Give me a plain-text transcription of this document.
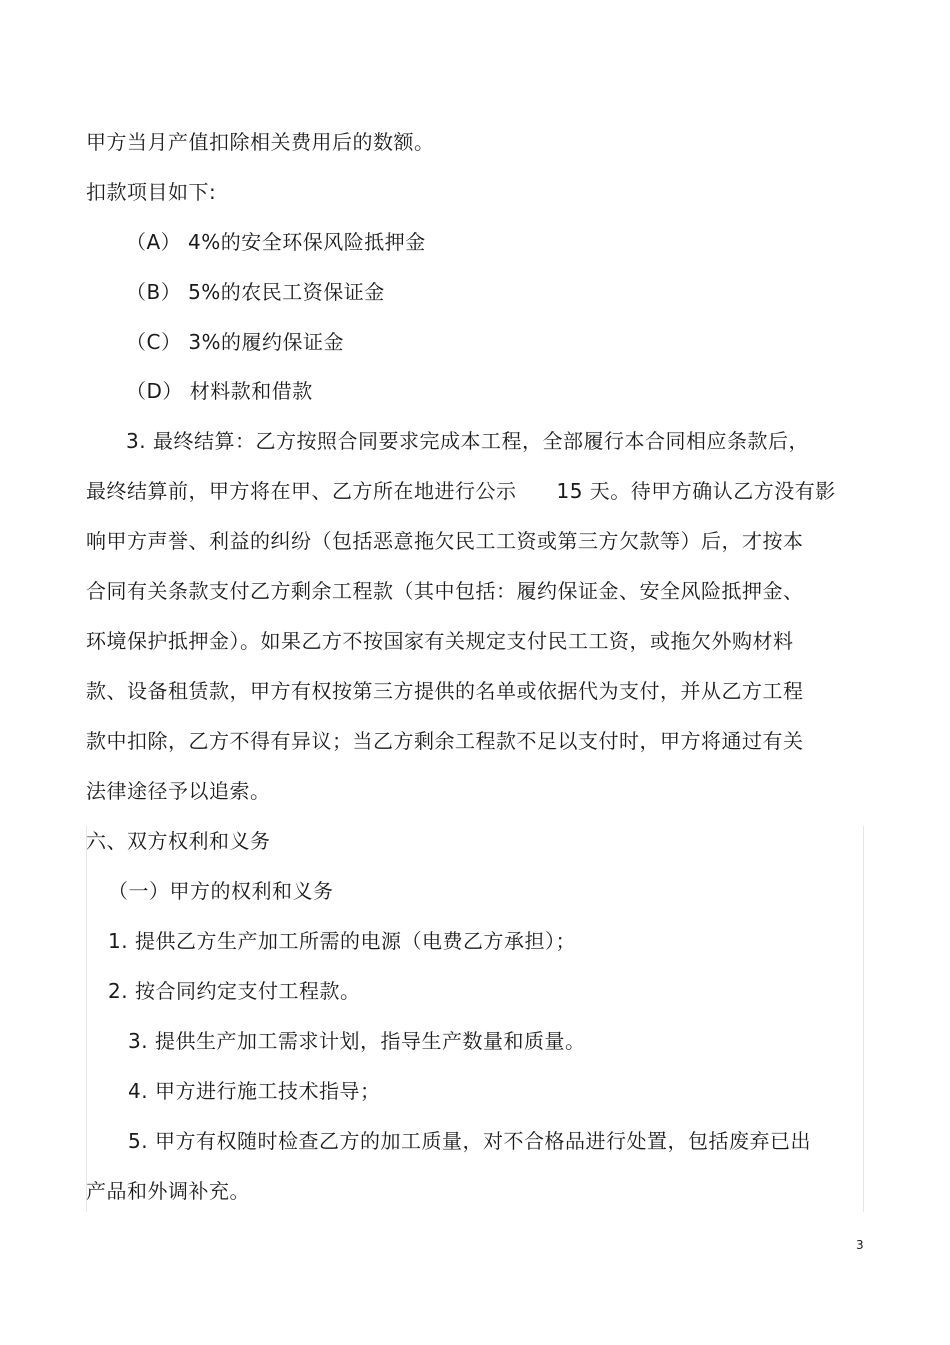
甲方当月产值扣除相关费用后的数额。
扣款项目如下:
（A） 4%的安全环保风险抵押金
（B） 5%的农民工资保证金
（C） 3%的履约保证金
（D） 材料款和借款
3. 最终结算：乙方按照合同要求完成本工程，全部履行本合同相应条款后，
最终结算前，甲方将在甲、乙方所在地进行公示 15 天。待甲方确认乙方没有影
响甲方声誉、利益的纠纷（包括恶意拖欠民工工资或第三方欠款等）后，才按本
合同有关条款支付乙方剩余工程款（其中包括：履约保证金、安全风险抵押金、
环境保护抵押金）。如果乙方不按国家有关规定支付民工工资，或拖欠外购材料
款、设备租赁款，甲方有权按第三方提供的名单或依据代为支付，并从乙方工程
款中扣除，乙方不得有异议；当乙方剩余工程款不足以支付时，甲方将通过有关
法律途径予以追索。
六、双方权利和义务
（一）甲方的权利和义务
1. 提供乙方生产加工所需的电源（电费乙方承担）；
2. 按合同约定支付工程款。
3. 提供生产加工需求计划，指导生产数量和质量。
4. 甲方进行施工技术指导；
5. 甲方有权随时检查乙方的加工质量，对不合格品进行处置，包括废弃已出
产品和外调补充。
3
